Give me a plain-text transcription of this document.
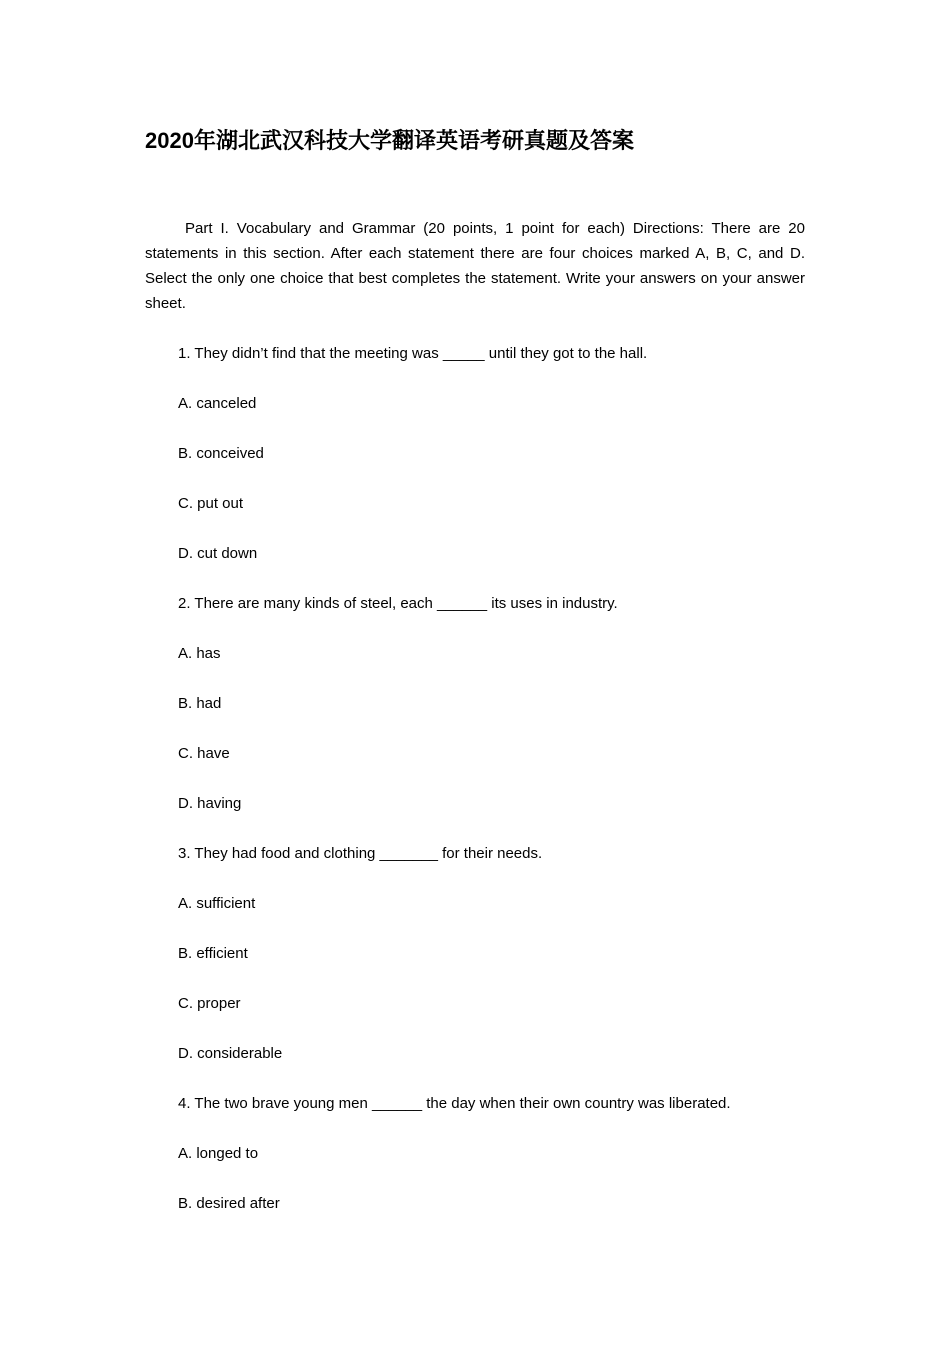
2020年湖北武汉科技大学翻译英语考研真题及答案

Part I. Vocabulary and Grammar (20 points, 1 point for each) Directions: There are 20 statements in this section. After each statement there are four choices marked A, B, C, and D. Select the only one choice that best completes the statement. Write your answers on your answer sheet.

1. They didn’t find that the meeting was _____ until they got to the hall.
A. canceled
B. conceived
C. put out
D. cut down
2. There are many kinds of steel, each ______ its uses in industry.
A. has
B. had
C. have
D. having
3. They had food and clothing _______ for their needs.
A. sufficient
B. efficient
C. proper
D. considerable
4. The two brave young men ______ the day when their own country was liberated.
A. longed to
B. desired after
